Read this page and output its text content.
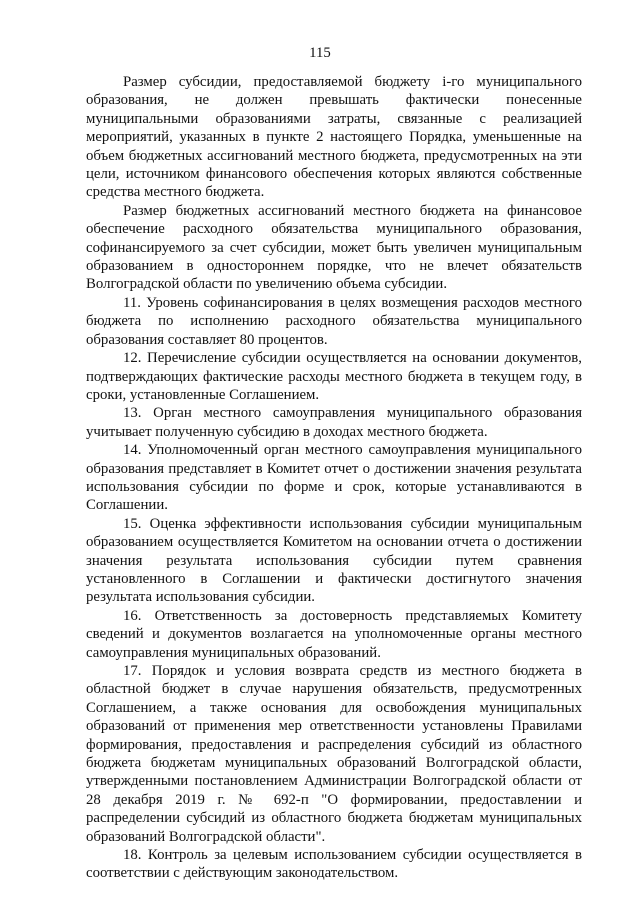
115

Размер субсидии, предоставляемой бюджету i-го муниципального образования, не должен превышать фактически понесенные муниципальными образованиями затраты, связанные с реализацией мероприятий, указанных в пункте 2 настоящего Порядка, уменьшенные на объем бюджетных ассигнований местного бюджета, предусмотренных на эти цели, источником финансового обеспечения которых являются собственные средства местного бюджета.

Размер бюджетных ассигнований местного бюджета на финансовое обеспечение расходного обязательства муниципального образования, софинансируемого за счет субсидии, может быть увеличен муниципальным образованием в одностороннем порядке, что не влечет обязательств Волгоградской области по увеличению объема субсидии.

11. Уровень софинансирования в целях возмещения расходов местного бюджета по исполнению расходного обязательства муниципального образования составляет 80 процентов.

12. Перечисление субсидии осуществляется на основании документов, подтверждающих фактические расходы местного бюджета в текущем году, в сроки, установленные Соглашением.

13. Орган местного самоуправления муниципального образования учитывает полученную субсидию в доходах местного бюджета.

14. Уполномоченный орган местного самоуправления муниципального образования представляет в Комитет отчет о достижении значения результата использования субсидии по форме и срок, которые устанавливаются в Соглашении.

15. Оценка эффективности использования субсидии муниципальным образованием осуществляется Комитетом на основании отчета о достижении значения результата использования субсидии путем сравнения установленного в Соглашении и фактически достигнутого значения результата использования субсидии.

16. Ответственность за достоверность представляемых Комитету сведений и документов возлагается на уполномоченные органы местного самоуправления муниципальных образований.

17. Порядок и условия возврата средств из местного бюджета в областной бюджет в случае нарушения обязательств, предусмотренных Соглашением, а также основания для освобождения муниципальных образований от применения мер ответственности установлены Правилами формирования, предоставления и распределения субсидий из областного бюджета бюджетам муниципальных образований Волгоградской области, утвержденными постановлением Администрации Волгоградской области от 28 декабря 2019 г. № 692-п "О формировании, предоставлении и распределении субсидий из областного бюджета бюджетам муниципальных образований Волгоградской области".

18. Контроль за целевым использованием субсидии осуществляется в соответствии с действующим законодательством.
